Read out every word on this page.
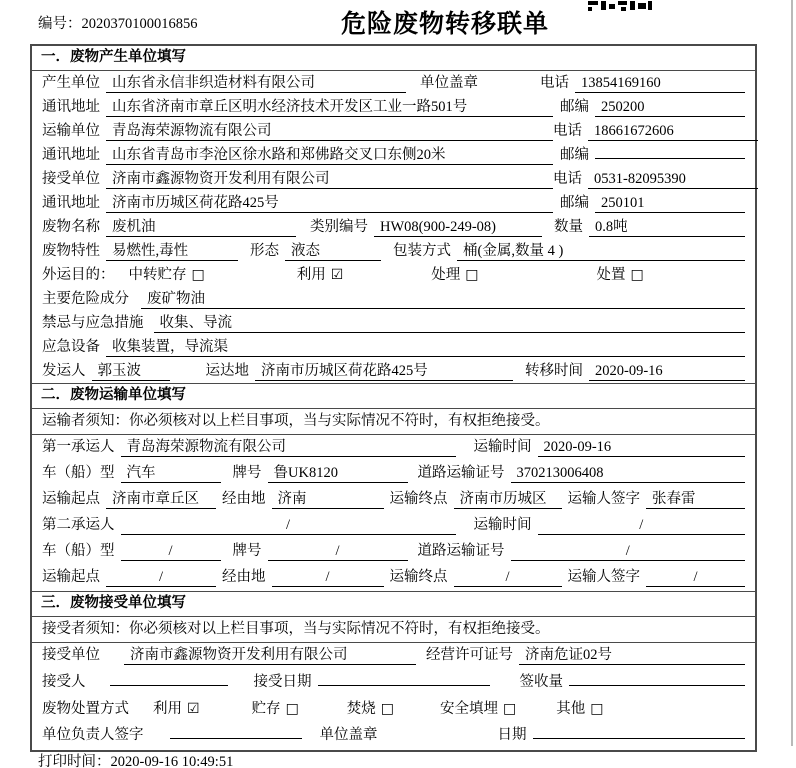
编号：2020370100016856	危险废物转移联单
一．废物产生单位填写
产生单位 山东省永信非织造材料有限公司	单位盖章	电话 13854169160
通讯地址 山东省济南市章丘区明水经济技术开发区工业一路501号	邮编 250200
运输单位 青岛海荣源物流有限公司	电话 18661672606
通讯地址 山东省青岛市李沧区徐水路和郑佛路交叉口东侧20米	邮编
接受单位 济南市鑫源物资开发利用有限公司	电话 0531-82095390
通讯地址 济南市历城区荷花路425号	邮编 250101
废物名称 废机油	类别编号 HW08(900-249-08)	数量 0.8吨
废物特性 易燃性,毒性	形态 液态	包装方式 桶(金属,数量 4 )
外运目的： 中转贮存 □	利用 ☑	处理 □	处置 □
主要危险成分	废矿物油
禁忌与应急措施	收集、导流
应急设备 收集装置，导流渠
发运人 郭玉波	运达地 济南市历城区荷花路425号	转移时间 2020-09-16
二．废物运输单位填写
运输者须知：你必须核对以上栏目事项，当与实际情况不符时，有权拒绝接受。
第一承运人 青岛海荣源物流有限公司	运输时间 2020-09-16
车（船）型 汽车	牌号 鲁UK8120	道路运输证号 370213006408
运输起点 济南市章丘区	经由地 济南	运输终点 济南市历城区	运输人签字 张春雷
第二承运人	/	运输时间	/
车（船）型	/	牌号	/	道路运输证号	/
运输起点	/	经由地	/	运输终点	/	运输人签字	/
三．废物接受单位填写
接受者须知：你必须核对以上栏目事项，当与实际情况不符时，有权拒绝接受。
接受单位	济南市鑫源物资开发利用有限公司	经营许可证号 济南危证02号
接受人	接受日期	签收量
废物处置方式 利用 ☑	贮存 □	焚烧 □	安全填埋 □	其他 □
单位负责人签字	单位盖章	日期
打印时间：2020-09-16 10:49:51
